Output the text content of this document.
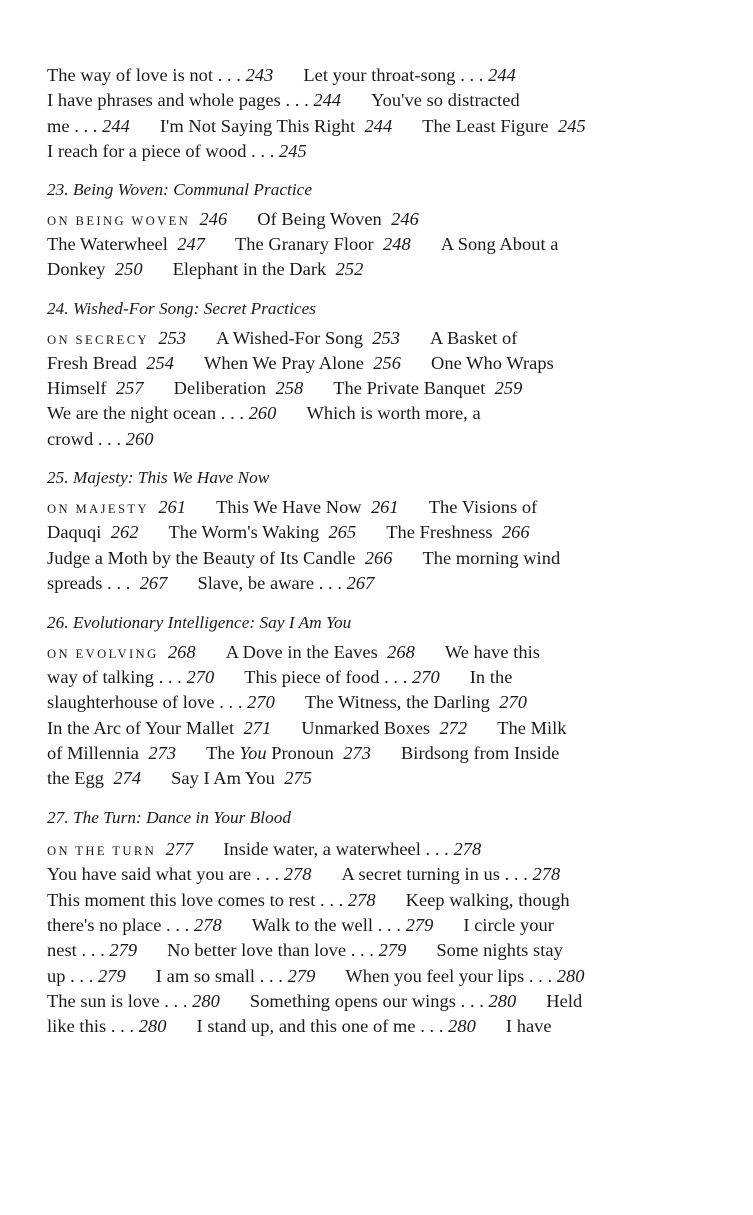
The way of love is not . . . 243 Let your throat-song . . . 244
I have phrases and whole pages . . . 244 You've so distracted
me . . . 244 I'm Not Saying This Right 244 The Least Figure 245
I reach for a piece of wood . . . 245
23. Being Woven: Communal Practice
ON BEING WOVEN 246 Of Being Woven 246
The Waterwheel 247 The Granary Floor 248 A Song About a
Donkey 250 Elephant in the Dark 252
24. Wished-For Song: Secret Practices
ON SECRECY 253 A Wished-For Song 253 A Basket of
Fresh Bread 254 When We Pray Alone 256 One Who Wraps
Himself 257 Deliberation 258 The Private Banquet 259
We are the night ocean . . . 260 Which is worth more, a
crowd . . . 260
25. Majesty: This We Have Now
ON MAJESTY 261 This We Have Now 261 The Visions of
Daquqi 262 The Worm's Waking 265 The Freshness 266
Judge a Moth by the Beauty of Its Candle 266 The morning wind
spreads . . . 267 Slave, be aware . . . 267
26. Evolutionary Intelligence: Say I Am You
ON EVOLVING 268 A Dove in the Eaves 268 We have this
way of talking . . . 270 This piece of food . . . 270 In the
slaughterhouse of love . . . 270 The Witness, the Darling 270
In the Arc of Your Mallet 271 Unmarked Boxes 272 The Milk
of Millennia 273 The You Pronoun 273 Birdsong from Inside
the Egg 274 Say I Am You 275
27. The Turn: Dance in Your Blood
ON THE TURN 277 Inside water, a waterwheel . . . 278
You have said what you are . . . 278 A secret turning in us . . . 278
This moment this love comes to rest . . . 278 Keep walking, though
there's no place . . . 278 Walk to the well . . . 279 I circle your
nest . . . 279 No better love than love . . . 279 Some nights stay
up . . . 279 I am so small . . . 279 When you feel your lips . . . 280
The sun is love . . . 280 Something opens our wings . . . 280 Held
like this . . . 280 I stand up, and this one of me . . . 280 I have
